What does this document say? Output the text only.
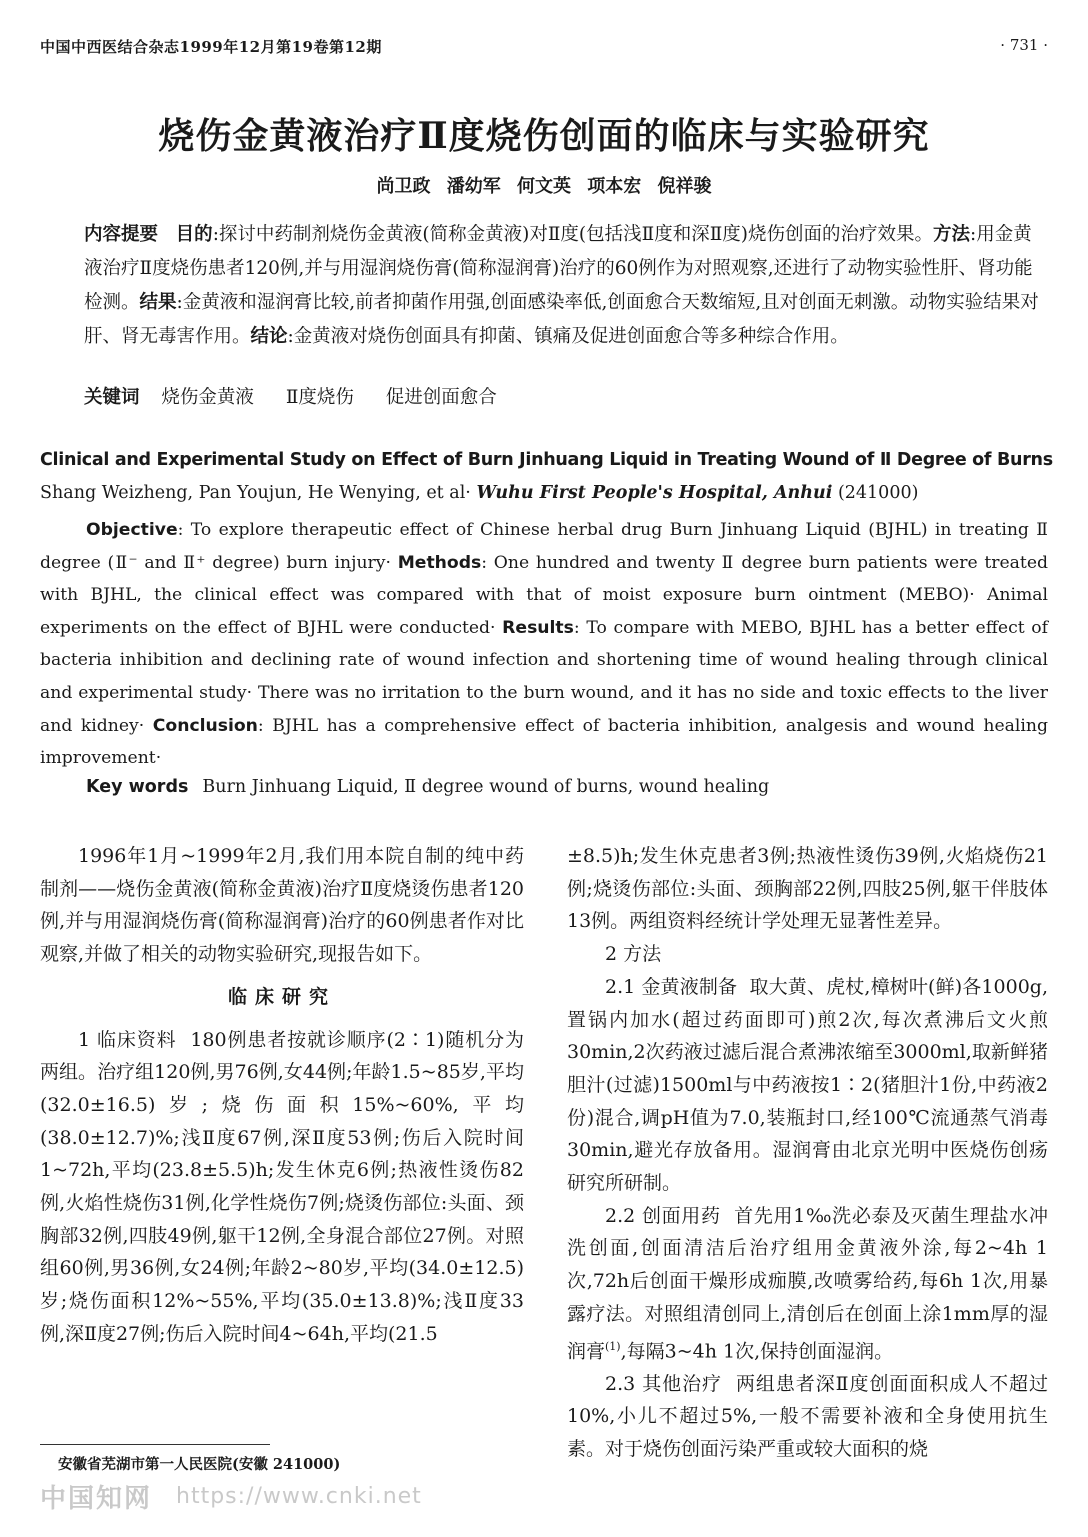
中国中西医结合杂志1999年12月第19卷第12期	· 731 ·
烧伤金黄液治疗Ⅱ度烧伤创面的临床与实验研究
尚卫政 潘幼军 何文英 项本宏 倪祥骏
内容提要 目的:探讨中药制剂烧伤金黄液(简称金黄液)对Ⅱ度(包括浅Ⅱ度和深Ⅱ度)烧伤创面的治疗效果。方法:用金黄液治疗Ⅱ度烧伤患者120例,并与用湿润烧伤膏(简称湿润膏)治疗的60例作为对照观察,还进行了动物实验性肝、肾功能检测。结果:金黄液和湿润膏比较,前者抑菌作用强,创面感染率低,创面愈合天数缩短,且对创面无刺激。动物实验结果对肝、肾无毒害作用。结论:金黄液对烧伤创面具有抑菌、镇痛及促进创面愈合等多种综合作用。
关键词 烧伤金黄液 Ⅱ度烧伤 促进创面愈合
Clinical and Experimental Study on Effect of Burn Jinhuang Liquid in Treating Wound of Ⅱ Degree of Burns
Shang Weizheng, Pan Youjun, He Wenying, et al· Wuhu First People's Hospital, Anhui (241000)
Objective: To explore therapeutic effect of Chinese herbal drug Burn Jinhuang Liquid (BJHL) in treating Ⅱ degree (Ⅱ⁻ and Ⅱ⁺ degree) burn injury· Methods: One hundred and twenty Ⅱ degree burn patients were treated with BJHL, the clinical effect was compared with that of moist exposure burn ointment (MEBO)· Animal experiments on the effect of BJHL were conducted· Results: To compare with MEBO, BJHL has a better effect of bacteria inhibition and declining rate of wound infection and shortening time of wound healing through clinical and experimental study· There was no irritation to the burn wound, and it has no side and toxic effects to the liver and kidney· Conclusion: BJHL has a comprehensive effect of bacteria inhibition, analgesis and wound healing improvement·
Key words Burn Jinhuang Liquid, Ⅱ degree wound of burns, wound healing

1996年1月~1999年2月,我们用本院自制的纯中药制剂——烧伤金黄液(简称金黄液)治疗Ⅱ度烧烫伤患者120例,并与用湿润烧伤膏(简称湿润膏)治疗的60例患者作对比观察,并做了相关的动物实验研究,现报告如下。

临床研究

1 临床资料 180例患者按就诊顺序(2∶1)随机分为两组。治疗组120例,男76例,女44例;年龄1.5~85岁,平均(32.0±16.5)岁;烧伤面积15%~60%,平均(38.0±12.7)%;浅Ⅱ度67例,深Ⅱ度53例;伤后入院时间1~72h,平均(23.8±5.5)h;发生休克6例;热液性烫伤82例,火焰性烧伤31例,化学性烧伤7例;烧烫伤部位:头面、颈胸部32例,四肢49例,躯干12例,全身混合部位27例。对照组60例,男36例,女24例;年龄2~80岁,平均(34.0±12.5)岁;烧伤面积12%~55%,平均(35.0±13.8)%;浅Ⅱ度33例,深Ⅱ度27例;伤后入院时间4~64h,平均(21.5

±8.5)h;发生休克患者3例;热液性烫伤39例,火焰烧伤21例;烧烫伤部位:头面、颈胸部22例,四肢25例,躯干伴肢体13例。两组资料经统计学处理无显著性差异。

2 方法

2.1 金黄液制备 取大黄、虎杖,樟树叶(鲜)各1000g,置锅内加水(超过药面即可)煎2次,每次煮沸后文火煎30min,2次药液过滤后混合煮沸浓缩至3000ml,取新鲜猪胆汁(过滤)1500ml与中药液按1∶2(猪胆汁1份,中药液2份)混合,调pH值为7.0,装瓶封口,经100℃流通蒸气消毒30min,避光存放备用。湿润膏由北京光明中医烧伤创疡研究所研制。

2.2 创面用药 首先用1‰洗必泰及灭菌生理盐水冲洗创面,创面清洁后治疗组用金黄液外涂,每2~4h 1次,72h后创面干燥形成痂膜,改喷雾给药,每6h 1次,用暴露疗法。对照组清创同上,清创后在创面上涂1mm厚的湿润膏$^{(1)}$,每隔3~4h 1次,保持创面湿润。

2.3 其他治疗 两组患者深Ⅱ度创面面积成人不超过10%,小儿不超过5%,一般不需要补液和全身使用抗生素。对于烧伤创面污染严重或较大面积的烧

安徽省芜湖市第一人民医院(安徽 241000)
中国知网 https://www.cnki.net
